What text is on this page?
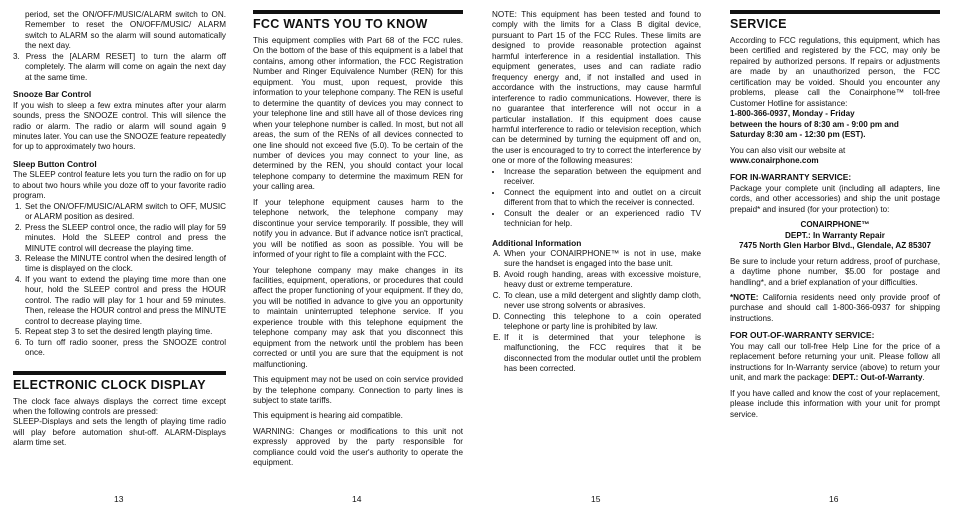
period, set the ON/OFF/MUSIC/ALARM switch to ON. Remember to reset the ON/OFF/MUSIC/ ALARM switch to ALARM so the alarm will sound automatically the next day.

3. Press the [ALARM RESET] to turn the alarm off completely. The alarm will come on again the next day at the same time.

Snooze Bar Control

If you wish to sleep a few extra minutes after your alarm sounds, press the SNOOZE control. This will silence the radio or alarm. The radio or alarm will sound again 9 minutes later. You can use the SNOOZE feature repeatedly for up to approximately two hours.

Sleep Button Control

The SLEEP control feature lets you turn the radio on for up to about two hours while you doze off to your favorite radio program.

1. Set the ON/OFF/MUSIC/ALARM switch to OFF, MUSIC or ALARM position as desired.
2. Press the SLEEP control once, the radio will play for 59 minutes. Hold the SLEEP control and press the MINUTE control will decrease the playing time.
3. Release the MINUTE control when the desired length of time is displayed on the clock.
4. If you want to extend the playing time more than one hour, hold the SLEEP control and press the HOUR control. The radio will play for 1 hour and 59 minutes. Then, release the HOUR control and press the MINUTE control to decrease playing time.
5. Repeat step 3 to set the desired length playing time.
6. To turn off radio sooner, press the SNOOZE control once.
ELECTRONIC CLOCK DISPLAY

The clock face always displays the correct time except when the following controls are pressed:

SLEEP-Displays and sets the length of playing time radio will play before automation shut-off. ALARM-Displays alarm time set.

13
FCC WANTS YOU TO KNOW

This equipment complies with Part 68 of the FCC rules. On the bottom of the base of this equipment is a label that contains, among other information, the FCC Registration Number and Ringer Equivalence Number (REN) for this equipment. You must, upon request, provide this information to your telephone company. The REN is useful to determine the quantity of devices you may connect to your telephone line and still have all of those devices ring when your telephone number is called. In most, but not all areas, the sum of the RENs of all devices connected to one line should not exceed five (5.0). To be certain of the number of devices you may connect to your line, as determined by the REN, you should contact your local telephone company to determine the maximum REN for your calling area.

If your telephone equipment causes harm to the telephone network, the telephone company may discontinue your service temporarily. If possible, they will notify you in advance. But if advance notice isn't practical, you will be notified as soon as possible. You will be informed of your right to file a complaint with the FCC.

Your telephone company may make changes in its facilities, equipment, operations, or procedures that could affect the proper functioning of your equipment. If they do, you will be notified in advance to give you an opportunity to maintain uninterrupted telephone service. If you experience trouble with this telephone equipment the telephone company may ask that you disconnect this equipment from the network until the problem has been corrected or until you are sure that the equipment is not malfunctioning.

This equipment may not be used on coin service provided by the telephone company. Connection to party lines is subject to state tariffs.

This equipment is hearing aid compatible.

WARNING: Changes or modifications to this unit not expressly approved by the party responsible for compliance could void the user's authority to operate the equipment.

14

NOTE: This equipment has been tested and found to comply with the limits for a Class B digital device, pursuant to Part 15 of the FCC Rules. These limits are designed to provide reasonable protection against harmful interference in a residential installation. This equipment generates, uses and can radiate radio frequency energy and, if not installed and used in accordance with the instructions, may cause harmful interference to radio communications. However, there is no guarantee that interference will not occur in a particular installation. If this equipment does cause harmful interference to radio or television reception, which can be determined by turning the equipment off and on, the user is encouraged to try to correct the interference by one or more of the following measures:

• Increase the separation between the equipment and receiver.
• Connect the equipment into and outlet on a circuit different from that to which the receiver is connected.
• Consult the dealer or an experienced radio TV technician for help.
Additional Information
A. When your CONAIRPHONE™ is not in use, make sure the handset is engaged into the base unit.
B. Avoid rough handing, areas with excessive moisture, heavy dust or extreme temperature.
C. To clean, use a mild detergent and slightly damp cloth, never use strong solvents or abrasives.
D. Connecting this telephone to a coin operated telephone or party line is prohibited by law.
E. If it is determined that your telephone is malfunctioning, the FCC requires that it be disconnected from the modular outlet until the problem has been corrected.
15
SERVICE

According to FCC regulations, this equipment, which has been certified and registered by the FCC, may only be repaired by authorized persons. If repairs or adjustments are made by an unauthorized person, the FCC certification may be voided. Should you encounter any problems, please call the Conairphone™ toll-free Customer Hotline for assistance:

1-800-366-0937, Monday - Friday
between the hours of 8:30 am - 9:00 pm and
Saturday 8:30 am - 12:30 pm (EST).
You can also visit our website at
www.conairphone.com
FOR IN-WARRANTY SERVICE:

Package your complete unit (including all adapters, line cords, and other accessories) and ship the unit postage prepaid* and insured (for your protection) to:

CONAIRPHONE™
DEPT.: In Warranty Repair
7475 North Glen Harbor Blvd., Glendale, AZ 85307

Be sure to include your return address, proof of purchase, a daytime phone number, $5.00 for postage and handling*, and a brief explanation of your difficulties.

*NOTE: California residents need only provide proof of purchase and should call 1-800-366-0937 for shipping instructions.

FOR OUT-OF-WARRANTY SERVICE:

You may call our toll-free Help Line for the price of a replacement before returning your unit. Please follow all instructions for In-Warranty service (above) to return your unit, and mark the package: DEPT.: Out-of-Warranty.

If you have called and know the cost of your replacement, please include this information with your unit for prompt service.

16
